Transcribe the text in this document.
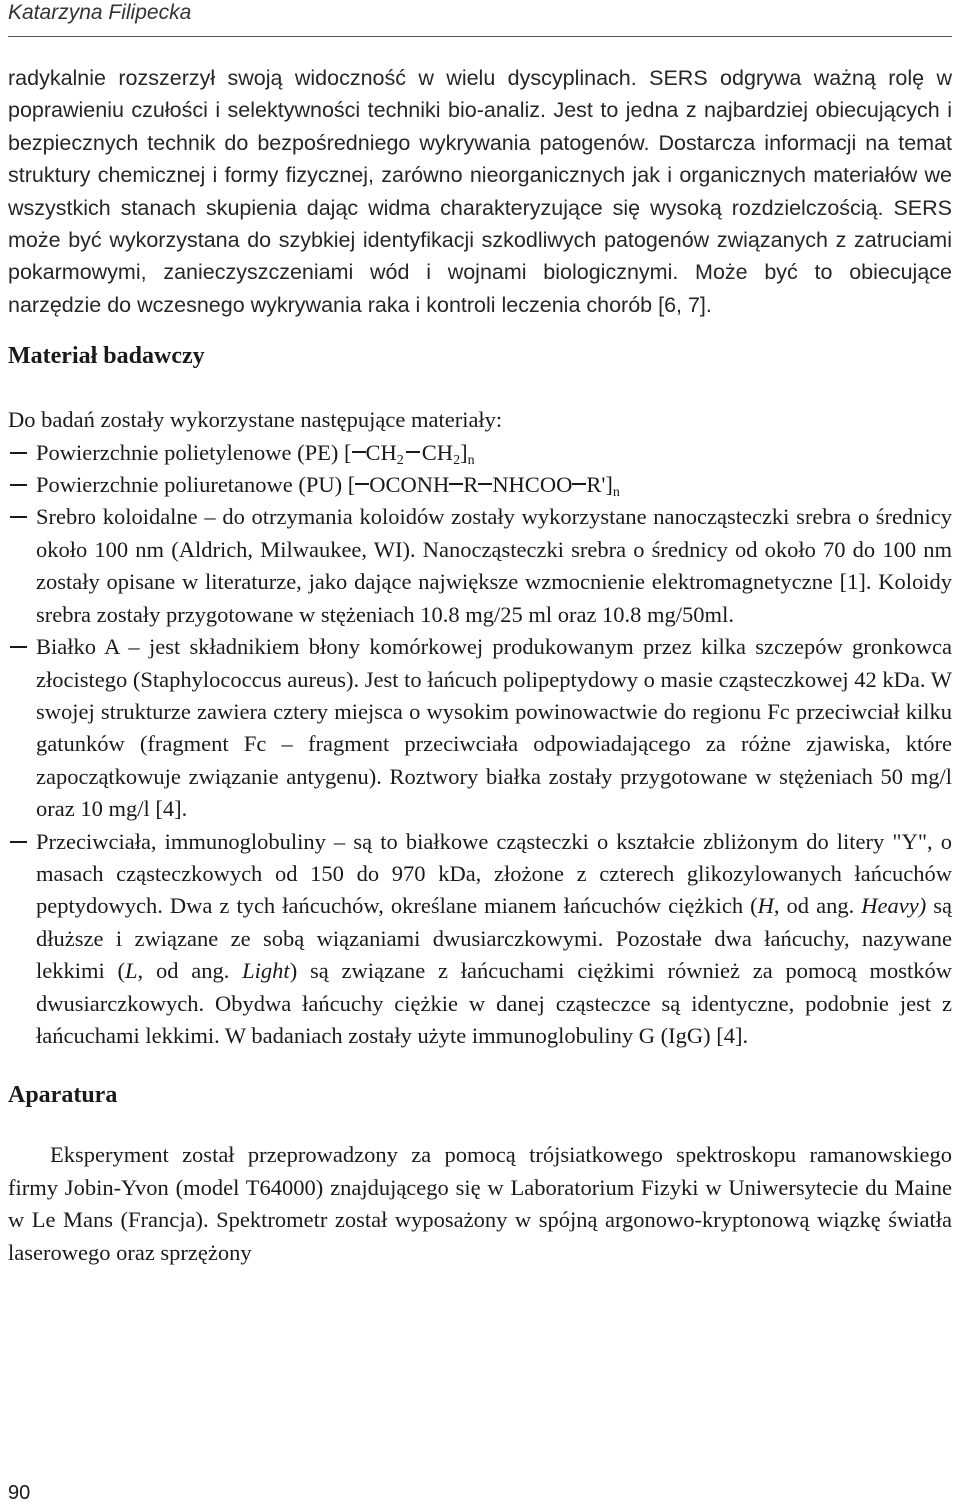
Katarzyna Filipecka

radykalnie rozszerzył swoją widoczność w wielu dyscyplinach. SERS odgrywa ważną rolę w poprawieniu czułości i selektywności techniki bio-analiz. Jest to jedna z najbardziej obiecujących i bezpiecznych technik do bezpośredniego wykrywania patogenów. Dostarcza informacji na temat struktury chemicznej i formy fizycznej, zarówno nieorganicznych jak i organicznych materiałów we wszystkich stanach skupienia dając widma charakteryzujące się wysoką rozdzielczością. SERS może być wykorzystana do szybkiej identyfikacji szkodliwych patogenów związanych z zatruciami pokarmowymi, zanieczyszczeniami wód i wojnami biologicznymi. Może być to obiecujące narzędzie do wczesnego wykrywania raka i kontroli leczenia chorób [6, 7].

Materiał badawczy

Do badań zostały wykorzystane następujące materiały:

Powierzchnie polietylenowe (PE) [ $CH_2$ $CH_2]_n$
Powierzchnie poliuretanowe (PU) [ OCONH R NHCOO $R']_n$
Srebro koloidalne – do otrzymania koloidów zostały wykorzystane nanocząsteczki srebra o średnicy około 100 nm (Aldrich, Milwaukee, WI). Nanocząsteczki srebra o średnicy od około 70 do 100 nm zostały opisane w literaturze, jako dające największe wzmocnienie elektromagnetyczne [1]. Koloidy srebra zostały przygotowane w stężeniach 10.8 mg/25 ml oraz 10.8 mg/50ml.
Białko A – jest składnikiem błony komórkowej produkowanym przez kilka szczepów gronkowca złocistego (Staphylococcus aureus). Jest to łańcuch polipeptydowy o masie cząsteczkowej 42 kDa. W swojej strukturze zawiera cztery miejsca o wysokim powinowactwie do regionu Fc przeciwciał kilku gatunków (fragment Fc – fragment przeciwciała odpowiadającego za różne zjawiska, które zapoczątkowuje związanie antygenu). Roztwory białka zostały przygotowane w stężeniach 50 mg/l oraz 10 mg/l [4].
Przeciwciała, immunoglobuliny – są to białkowe cząsteczki o kształcie zbliżonym do litery "Y", o masach cząsteczkowych od 150 do 970 kDa, złożone z czterech glikozylowanych łańcuchów peptydowych. Dwa z tych łańcuchów, określane mianem łańcuchów ciężkich (H, od ang. Heavy) są dłuższe i związane ze sobą wiązaniami dwusiarczkowymi. Pozostałe dwa łańcuchy, nazywane lekkimi (L, od ang. Light) są związane z łańcuchami ciężkimi również za pomocą mostków dwusiarczkowych. Obydwa łańcuchy ciężkie w danej cząsteczce są identyczne, podobnie jest z łańcuchami lekkimi. W badaniach zostały użyte immunoglobuliny G (IgG) [4].
Aparatura

Eksperyment został przeprowadzony za pomocą trójsiatkowego spektroskopu ramanowskiego firmy Jobin-Yvon (model T64000) znajdującego się w Laboratorium Fizyki w Uniwersytecie du Maine w Le Mans (Francja). Spektrometr został wyposażony w spójną argonowo-kryptonową wiązkę światła laserowego oraz sprzężony

90
